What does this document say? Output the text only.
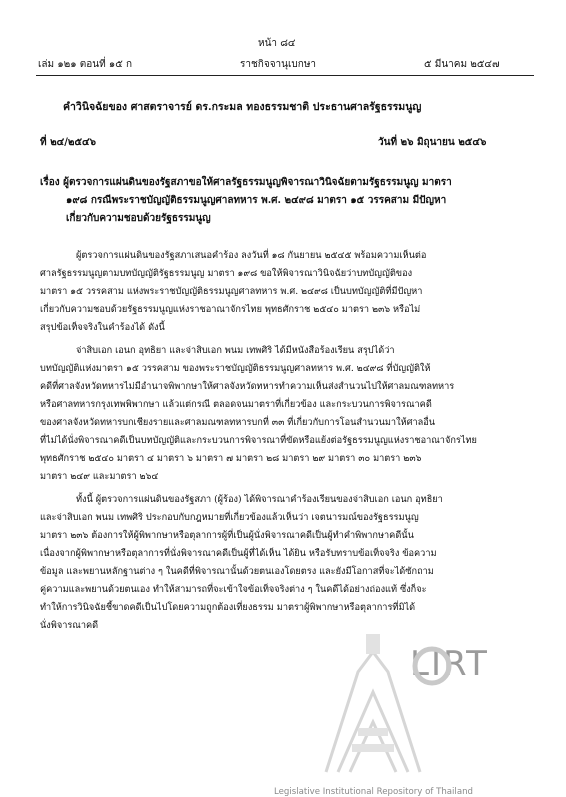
หน้า ๘๔
เล่ม ๑๒๑ ตอนที่ ๑๕ ก	ราชกิจจานุเบกษา	๕ มีนาคม ๒๕๔๗
คำวินิจฉัยของ ศาสตราจารย์ ดร.กระมล ทองธรรมชาติ ประธานศาลรัฐธรรมนูญ
ที่ ๒๔/๒๕๔๖	วันที่ ๒๖ มิถุนายน ๒๕๔๖
เรื่อง ผู้ตรวจการแผ่นดินของรัฐสภาขอให้ศาลรัฐธรรมนูญพิจารณาวินิจฉัยตามรัฐธรรมนูญ มาตรา
๑๙๘ กรณีพระราชบัญญัติธรรมนูญศาลทหาร พ.ศ. ๒๔๙๘ มาตรา ๑๕ วรรคสาม มีปัญหา
เกี่ยวกับความชอบด้วยรัฐธรรมนูญ
ผู้ตรวจการแผ่นดินของรัฐสภาเสนอคำร้อง ลงวันที่ ๑๘ กันยายน ๒๕๔๕ พร้อมความเห็นต่อ
ศาลรัฐธรรมนูญตามบทบัญญัติรัฐธรรมนูญ มาตรา ๑๙๘ ขอให้พิจารณาวินิจฉัยว่าบทบัญญัติของ
มาตรา ๑๕ วรรคสาม แห่งพระราชบัญญัติธรรมนูญศาลทหาร พ.ศ. ๒๔๙๘ เป็นบทบัญญัติที่มีปัญหา
เกี่ยวกับความชอบด้วยรัฐธรรมนูญแห่งราชอาณาจักรไทย พุทธศักราช ๒๕๔๐ มาตรา ๒๓๖ หรือไม่
สรุปข้อเท็จจริงในคำร้องได้ ดังนี้
จ่าสิบเอก เอนก อุทธิยา และจ่าสิบเอก พนม เทพศิริ ได้มีหนังสือร้องเรียน สรุปได้ว่า
บทบัญญัติแห่งมาตรา ๑๕ วรรคสาม ของพระราชบัญญัติธรรมนูญศาลทหาร พ.ศ. ๒๔๙๘ ที่บัญญัติให้
คดีที่ศาลจังหวัดทหารไม่มีอำนาจพิพากษาให้ศาลจังหวัดทหารทำความเห็นส่งสำนวนไปให้ศาลมณฑลทหาร
หรือศาลทหารกรุงเทพพิพากษา แล้วแต่กรณี ตลอดจนมาตราที่เกี่ยวข้อง และกระบวนการพิจารณาคดี
ของศาลจังหวัดทหารบกเชียงรายและศาลมณฑลทหารบกที่ ๓๓ ที่เกี่ยวกับการโอนสำนวนมาให้ศาลอื่น
ที่ไม่ได้นั่งพิจารณาคดีเป็นบทบัญญัติและกระบวนการพิจารณาที่ขัดหรือแย้งต่อรัฐธรรมนูญแห่งราชอาณาจักรไทย
พุทธศักราช ๒๕๔๐ มาตรา ๔ มาตรา ๖ มาตรา ๗ มาตรา ๒๘ มาตรา ๒๙ มาตรา ๓๐ มาตรา ๒๓๖
มาตรา ๒๔๙ และมาตรา ๒๖๔
ทั้งนี้ ผู้ตรวจการแผ่นดินของรัฐสภา (ผู้ร้อง) ได้พิจารณาคำร้องเรียนของจ่าสิบเอก เอนก อุทธิยา
และจ่าสิบเอก พนม เทพศิริ ประกอบกับกฎหมายที่เกี่ยวข้องแล้วเห็นว่า เจตนารมณ์ของรัฐธรรมนูญ
มาตรา ๒๓๖ ต้องการให้ผู้พิพากษาหรือตุลาการผู้ที่เป็นผู้นั่งพิจารณาคดีเป็นผู้ทำคำพิพากษาคดีนั้น
เนื่องจากผู้พิพากษาหรือตุลาการที่นั่งพิจารณาคดีเป็นผู้ที่ได้เห็น ได้ยิน หรือรับทราบข้อเท็จจริง ข้อความ
ข้อมูล และพยานหลักฐานต่าง ๆ ในคดีที่พิจารณานั้นด้วยตนเองโดยตรง และยังมีโอกาสที่จะได้ซักถาม
คู่ความและพยานด้วยตนเอง ทำให้สามารถที่จะเข้าใจข้อเท็จจริงต่าง ๆ ในคดีได้อย่างถ่องแท้ ซึ่งก็จะ
ทำให้การวินิจฉัยชี้ขาดคดีเป็นไปโดยความถูกต้องเที่ยงธรรม มาตราผู้พิพากษาหรือตุลาการที่มิได้
นั่งพิจารณาคดี
LIRT
Legislative Institutional Repository of Thailand
